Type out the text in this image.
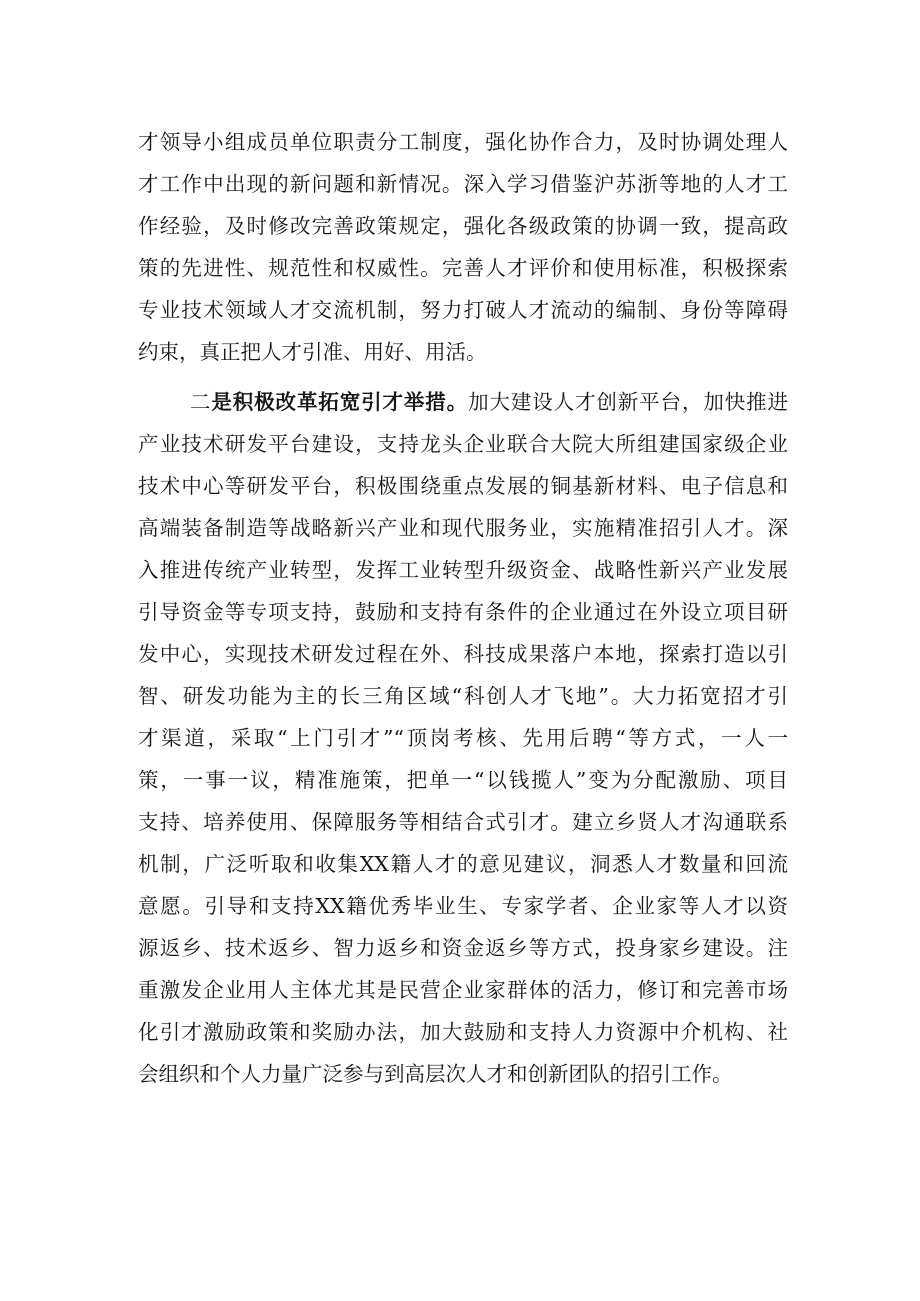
才领导小组成员单位职责分工制度，强化协作合力，及时协调处理人
才工作中出现的新问题和新情况。深入学习借鉴沪苏浙等地的人才工
作经验，及时修改完善政策规定，强化各级政策的协调一致，提高政
策的先进性、规范性和权威性。完善人才评价和使用标准，积极探索
专业技术领域人才交流机制，努力打破人才流动的编制、身份等障碍
约束，真正把人才引准、用好、用活。
二是积极改革拓宽引才举措。加大建设人才创新平台，加快推进
产业技术研发平台建设，支持龙头企业联合大院大所组建国家级企业
技术中心等研发平台，积极围绕重点发展的铜基新材料、电子信息和
高端装备制造等战略新兴产业和现代服务业，实施精准招引人才。深
入推进传统产业转型，发挥工业转型升级资金、战略性新兴产业发展
引导资金等专项支持，鼓励和支持有条件的企业通过在外设立项目研
发中心，实现技术研发过程在外、科技成果落户本地，探索打造以引
智、研发功能为主的长三角区域“科创人才飞地”。大力拓宽招才引
才渠道，采取“上门引才”“顶岗考核、先用后聘“等方式，一人一
策，一事一议，精准施策，把单一“以钱揽人”变为分配激励、项目
支持、培养使用、保障服务等相结合式引才。建立乡贤人才沟通联系
机制，广泛听取和收集XX籍人才的意见建议，洞悉人才数量和回流
意愿。引导和支持XX籍优秀毕业生、专家学者、企业家等人才以资
源返乡、技术返乡、智力返乡和资金返乡等方式，投身家乡建设。注
重激发企业用人主体尤其是民营企业家群体的活力，修订和完善市场
化引才激励政策和奖励办法，加大鼓励和支持人力资源中介机构、社
会组织和个人力量广泛参与到高层次人才和创新团队的招引工作。
